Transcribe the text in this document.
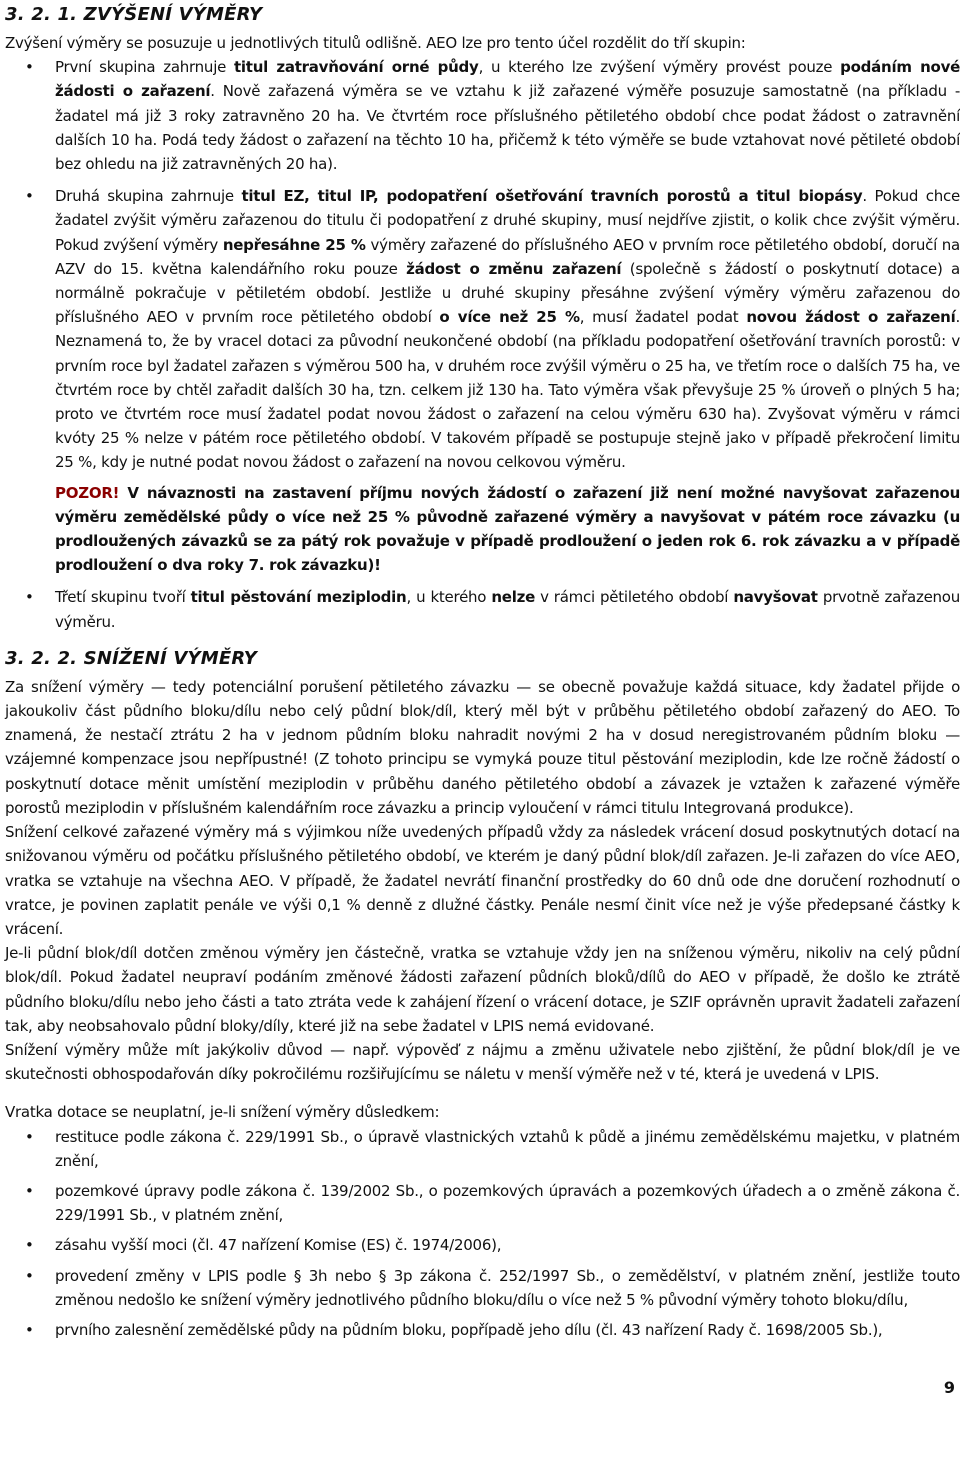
3. 2. 1. ZVÝŠENÍ VÝMĚRY

Zvýšení výměry se posuzuje u jednotlivých titulů odlišně. AEO lze pro tento účel rozdělit do tří skupin:

• První skupina zahrnuje titul zatravňování orné půdy, u kterého lze zvýšení výměry provést pouze podáním nové žádosti o zařazení. Nově zařazená výměra se ve vztahu k již zařazené výměře posuzuje samostatně (na příkladu - žadatel má již 3 roky zatravněno 20 ha. Ve čtvrtém roce příslušného pětiletého období chce podat žádost o zatravnění dalších 10 ha. Podá tedy žádost o zařazení na těchto 10 ha, přičemž k této výměře se bude vztahovat nové pětileté období bez ohledu na již zatravněných 20 ha).
• Druhá skupina zahrnuje titul EZ, titul IP, podopatření ošetřování travních porostů a titul biopásy. Pokud chce žadatel zvýšit výměru zařazenou do titulu či podopatření z druhé skupiny, musí nejdříve zjistit, o kolik chce zvýšit výměru. Pokud zvýšení výměry nepřesáhne 25 % výměry zařazené do příslušného AEO v prvním roce pětiletého období, doručí na AZV do 15. května kalendářního roku pouze žádost o změnu zařazení (společně s žádostí o poskytnutí dotace) a normálně pokračuje v pětiletém období. Jestliže u druhé skupiny přesáhne zvýšení výměry výměru zařazenou do příslušného AEO v prvním roce pětiletého období o více než 25 %, musí žadatel podat novou žádost o zařazení. Neznamená to, že by vracel dotaci za původní neukončené období (na příkladu podopatření ošetřování travních porostů: v prvním roce byl žadatel zařazen s výměrou 500 ha, v druhém roce zvýšil výměru o 25 ha, ve třetím roce o dalších 75 ha, ve čtvrtém roce by chtěl zařadit dalších 30 ha, tzn. celkem již 130 ha. Tato výměra však převyšuje 25 % úroveň o plných 5 ha; proto ve čtvrtém roce musí žadatel podat novou žádost o zařazení na celou výměru 630 ha). Zvyšovat výměru v rámci kvóty 25 % nelze v pátém roce pětiletého období. V takovém případě se postupuje stejně jako v případě překročení limitu 25 %, kdy je nutné podat novou žádost o zařazení na novou celkovou výměru.
POZOR! V návaznosti na zastavení příjmu nových žádostí o zařazení již není možné navyšovat zařazenou výměru zemědělské půdy o více než 25 % původně zařazené výměry a navyšovat v pátém roce závazku (u prodloužených závazků se za pátý rok považuje v případě prodloužení o jeden rok 6. rok závazku a v případě prodloužení o dva roky 7. rok závazku)!
• Třetí skupinu tvoří titul pěstování meziplodin, u kterého nelze v rámci pětiletého období navyšovat prvotně zařazenou výměru.
3. 2. 2. SNÍŽENÍ VÝMĚRY

Za snížení výměry — tedy potenciální porušení pětiletého závazku — se obecně považuje každá situace, kdy žadatel přijde o jakoukoliv část půdního bloku/dílu nebo celý půdní blok/díl, který měl být v průběhu pětiletého období zařazený do AEO. To znamená, že nestačí ztrátu 2 ha v jednom půdním bloku nahradit novými 2 ha v dosud neregistrovaném půdním bloku — vzájemné kompenzace jsou nepřípustné! (Z tohoto principu se vymyká pouze titul pěstování meziplodin, kde lze ročně žádostí o poskytnutí dotace měnit umístění meziplodin v průběhu daného pětiletého období a závazek je vztažen k zařazené výměře porostů meziplodin v příslušném kalendářním roce závazku a princip vyloučení v rámci titulu Integrovaná produkce).

Snížení celkové zařazené výměry má s výjimkou níže uvedených případů vždy za následek vrácení dosud poskytnutých dotací na snižovanou výměru od počátku příslušného pětiletého období, ve kterém je daný půdní blok/díl zařazen. Je-li zařazen do více AEO, vratka se vztahuje na všechna AEO. V případě, že žadatel nevrátí finanční prostředky do 60 dnů ode dne doručení rozhodnutí o vratce, je povinen zaplatit penále ve výši 0,1 % denně z dlužné částky. Penále nesmí činit více než je výše předepsané částky k vrácení.

Je-li půdní blok/díl dotčen změnou výměry jen částečně, vratka se vztahuje vždy jen na sníženou výměru, nikoliv na celý půdní blok/díl. Pokud žadatel neupraví podáním změnové žádosti zařazení půdních bloků/dílů do AEO v případě, že došlo ke ztrátě půdního bloku/dílu nebo jeho části a tato ztráta vede k zahájení řízení o vrácení dotace, je SZIF oprávněn upravit žadateli zařazení tak, aby neobsahovalo půdní bloky/díly, které již na sebe žadatel v LPIS nemá evidované.

Snížení výměry může mít jakýkoliv důvod — např. výpověď z nájmu a změnu uživatele nebo zjištění, že půdní blok/díl je ve skutečnosti obhospodařován díky pokročilému rozšiřujícímu se náletu v menší výměře než v té, která je uvedená v LPIS.

Vratka dotace se neuplatní, je-li snížení výměry důsledkem:

• restituce podle zákona č. 229/1991 Sb., o úpravě vlastnických vztahů k půdě a jinému zemědělskému majetku, v platném znění,
• pozemkové úpravy podle zákona č. 139/2002 Sb., o pozemkových úpravách a pozemkových úřadech a o změně zákona č. 229/1991 Sb., v platném znění,
• zásahu vyšší moci (čl. 47 nařízení Komise (ES) č. 1974/2006),
• provedení změny v LPIS podle § 3h nebo § 3p zákona č. 252/1997 Sb., o zemědělství, v platném znění, jestliže touto změnou nedošlo ke snížení výměry jednotlivého půdního bloku/dílu o více než 5 % původní výměry tohoto bloku/dílu,
• prvního zalesnění zemědělské půdy na půdním bloku, popřípadě jeho dílu (čl. 43 nařízení Rady č. 1698/2005 Sb.),
9
